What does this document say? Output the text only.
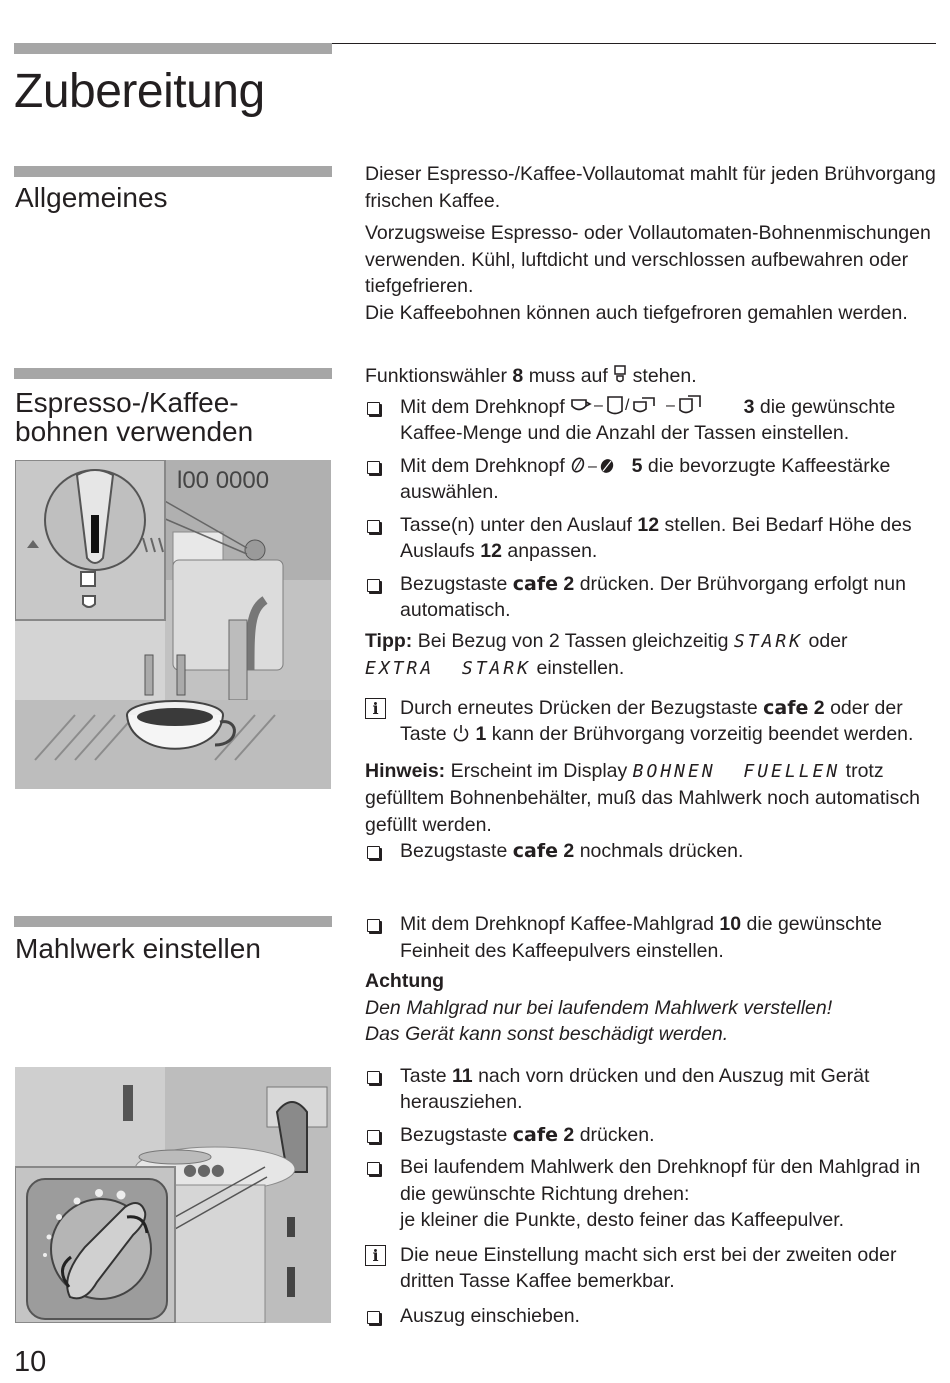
Zubereitung
Allgemeines

Dieser Espresso-/Kaffee-Vollautomat mahlt für jeden Brühvorgang frischen Kaffee.

Vorzugsweise Espresso- oder Vollautomaten-Bohnenmischungen verwenden. Kühl, luftdicht und verschlossen aufbewahren oder tiefgefrieren.

Die Kaffeebohnen können auch tiefgefroren gemahlen werden.

Espresso-/Kaffee-
bohnen verwenden
l00 0000

Funktionswähler 8 muss auf stehen.

Mit dem Drehknopf – / –	3 die gewünschte Kaffee-Menge und die Anzahl der Tassen einstellen.
Mit dem Drehknopf – 5 die bevorzugte Kaffeestärke auswählen.
Tasse(n) unter den Auslauf 12 stellen. Bei Bedarf Höhe des Auslaufs 12 anpassen.
Bezugstaste cafe 2 drücken. Der Brühvorgang erfolgt nun automatisch.

Tipp: Bei Bezug von 2 Tassen gleichzeitig STARK oder EXTRA  STARK einstellen.

i	Durch erneutes Drücken der Bezugstaste cafe 2 oder der Taste 1 kann der Brühvorgang vorzeitig beendet werden.

Hinweis: Erscheint im Display BOHNEN  FUELLEN trotz gefülltem Bohnenbehälter, muß das Mahlwerk noch automatisch gefüllt werden.

Bezugstaste cafe 2 nochmals drücken.
Mahlwerk einstellen
●●●
Mit dem Drehknopf Kaffee-Mahlgrad 10 die gewünschte Feinheit des Kaffeepulvers einstellen.

Achtung
Den Mahlgrad nur bei laufendem Mahlwerk verstellen!
Das Gerät kann sonst beschädigt werden.

Taste 11 nach vorn drücken und den Auszug mit Gerät herausziehen.
Bezugstaste cafe 2 drücken.
Bei laufendem Mahlwerk den Drehknopf für den Mahlgrad in die gewünschte Richtung drehen:
je kleiner die Punkte, desto feiner das Kaffeepulver.
i	Die neue Einstellung macht sich erst bei der zweiten oder dritten Tasse Kaffee bemerkbar.
Auszug einschieben.
10
